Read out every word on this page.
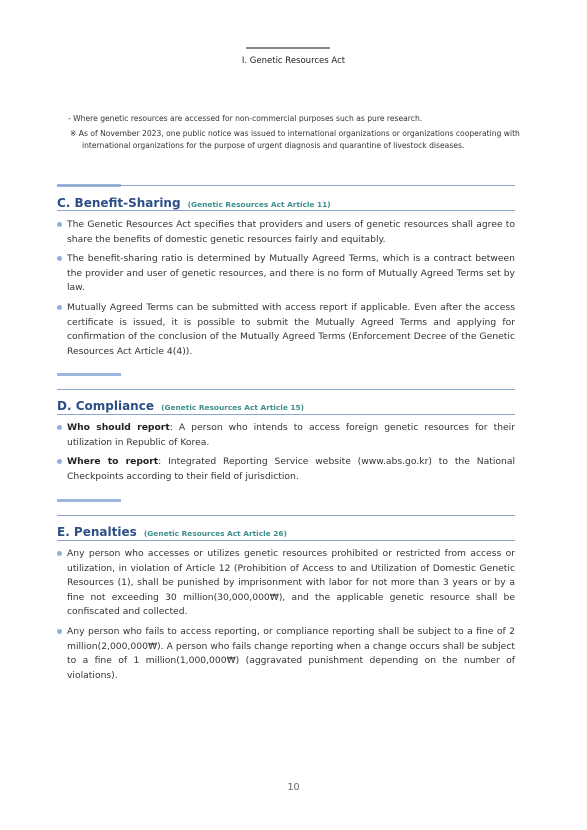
Ⅰ. Genetic Resources Act
- Where genetic resources are accessed for non-commercial purposes such as pure research.
※ As of November 2023, one public notice was issued to international organizations or organizations cooperating with
international organizations for the purpose of urgent diagnosis and quarantine of livestock diseases.
C. Benefit-Sharing (Genetic Resources Act Article 11)
The Genetic Resources Act specifies that providers and users of genetic resources shall agree to share the benefits of domestic genetic resources fairly and equitably.
The benefit-sharing ratio is determined by Mutually Agreed Terms, which is a contract between the provider and user of genetic resources, and there is no form of Mutually Agreed Terms set by law.
Mutually Agreed Terms can be submitted with access report if applicable. Even after the access certificate is issued, it is possible to submit the Mutually Agreed Terms and applying for confirmation of the conclusion of the Mutually Agreed Terms (Enforcement Decree of the Genetic Resources Act Article 4(4)).
D. Compliance (Genetic Resources Act Article 15)
Who should report: A person who intends to access foreign genetic resources for their utilization in Republic of Korea.
Where to report: Integrated Reporting Service website (www.abs.go.kr) to the National Checkpoints according to their field of jurisdiction.
E. Penalties (Genetic Resources Act Article 26)
Any person who accesses or utilizes genetic resources prohibited or restricted from access or utilization, in violation of Article 12 (Prohibition of Access to and Utilization of Domestic Genetic Resources (1), shall be punished by imprisonment with labor for not more than 3 years or by a fine not exceeding 30 million(30,000,000₩), and the applicable genetic resource shall be confiscated and collected.
Any person who fails to access reporting, or compliance reporting shall be subject to a fine of 2 million(2,000,000₩). A person who fails change reporting when a change occurs shall be subject to a fine of 1 million(1,000,000₩) (aggravated punishment depending on the number of violations).
10
